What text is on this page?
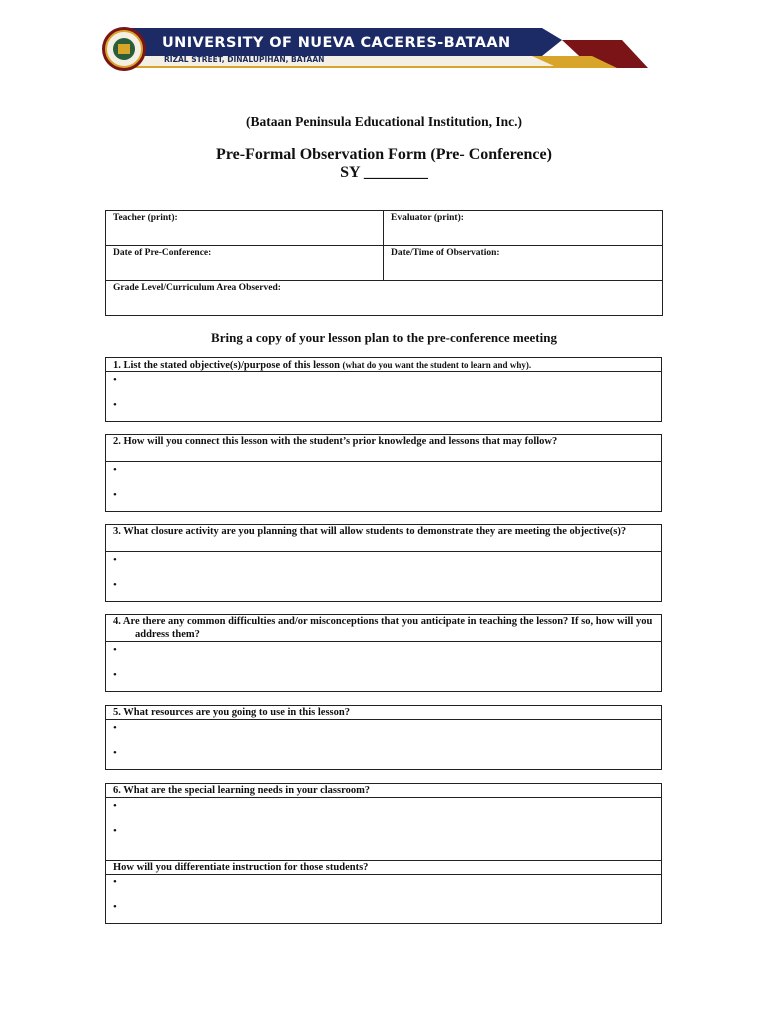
UNIVERSITY OF NUEVA CACERES-BATAAN
RIZAL STREET, DINALUPIHAN, BATAAN
(Bataan Peninsula Educational Institution, Inc.)
Pre-Formal Observation Form (Pre- Conference)
SY ________
Teacher (print):	Evaluator (print):
Date of Pre-Conference:	Date/Time of Observation:
Grade Level/Curriculum Area Observed:	
Bring a copy of your lesson plan to the pre-conference meeting
1. List the stated objective(s)/purpose of this lesson (what do you want the student to learn and why).
•
•
2. How will you connect this lesson with the student’s prior knowledge and lessons that may follow?
•
•
3. What closure activity are you planning that will allow students to demonstrate they are meeting the objective(s)?
•
•
4. Are there any common difficulties and/or misconceptions that you anticipate in teaching the lesson? If so, how will you address them?
•
•
5. What resources are you going to use in this lesson?
•
•
6. What are the special learning needs in your classroom?
•
•
How will you differentiate instruction for those students?
•
•
